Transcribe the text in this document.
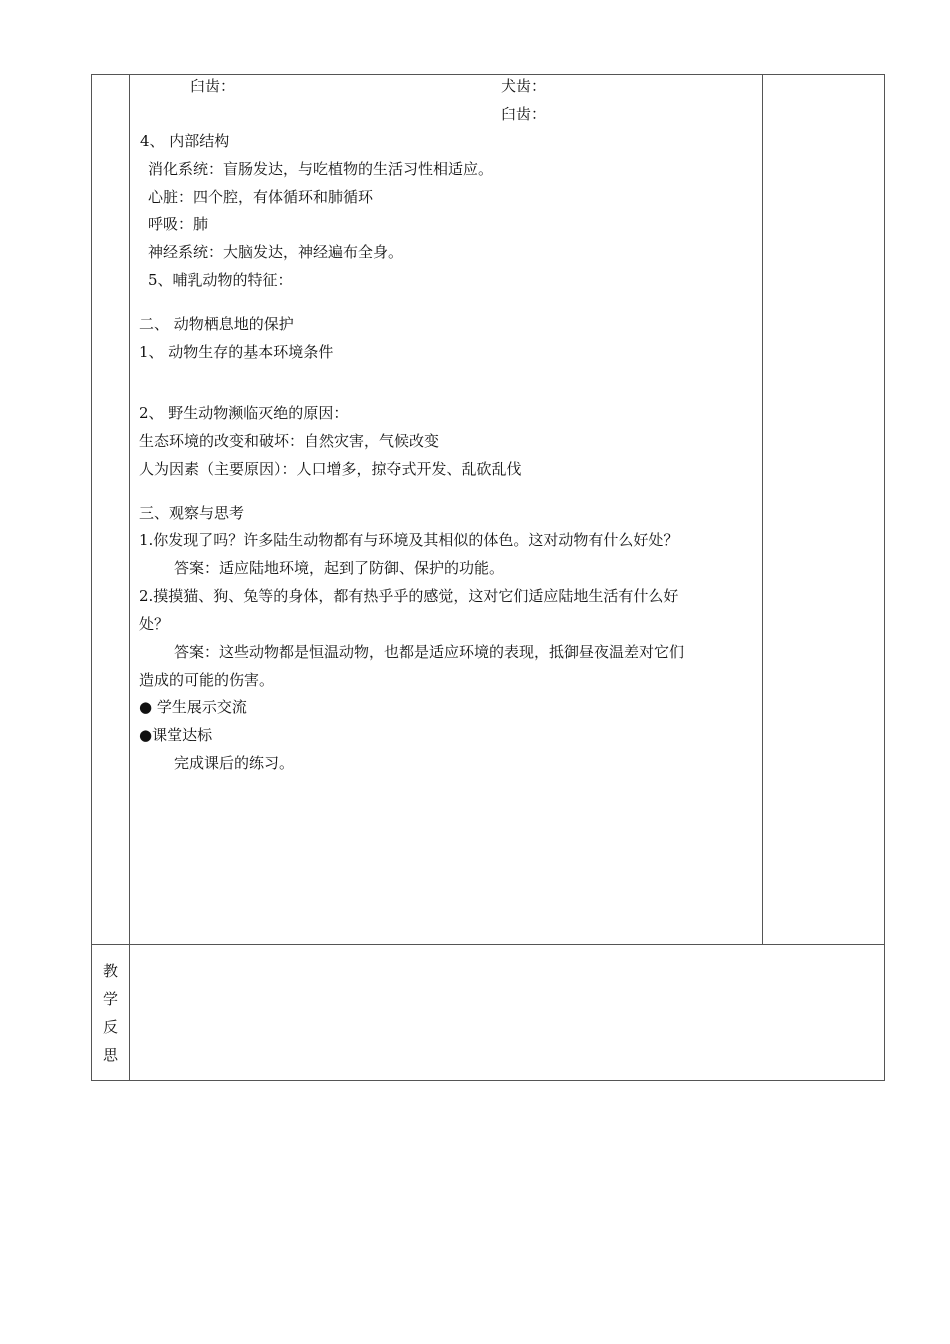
臼齿：	犬齿：
臼齿：
4、 内部结构
消化系统：盲肠发达，与吃植物的生活习性相适应。
心脏：四个腔，有体循环和肺循环
呼吸：肺
神经系统：大脑发达，神经遍布全身。
5、哺乳动物的特征：
二、 动物栖息地的保护
1、 动物生存的基本环境条件
2、 野生动物濒临灭绝的原因：
生态环境的改变和破坏：自然灾害，气候改变
人为因素（主要原因）：人口增多，掠夺式开发、乱砍乱伐
三、观察与思考
1.你发现了吗？许多陆生动物都有与环境及其相似的体色。这对动物有什么好处？
答案：适应陆地环境，起到了防御、保护的功能。
2.摸摸猫、狗、兔等的身体，都有热乎乎的感觉，这对它们适应陆地生活有什么好
处？
答案：这些动物都是恒温动物，也都是适应环境的表现，抵御昼夜温差对它们
造成的可能的伤害。
● 学生展示交流
●课堂达标
完成课后的练习。
教
学
反
思
